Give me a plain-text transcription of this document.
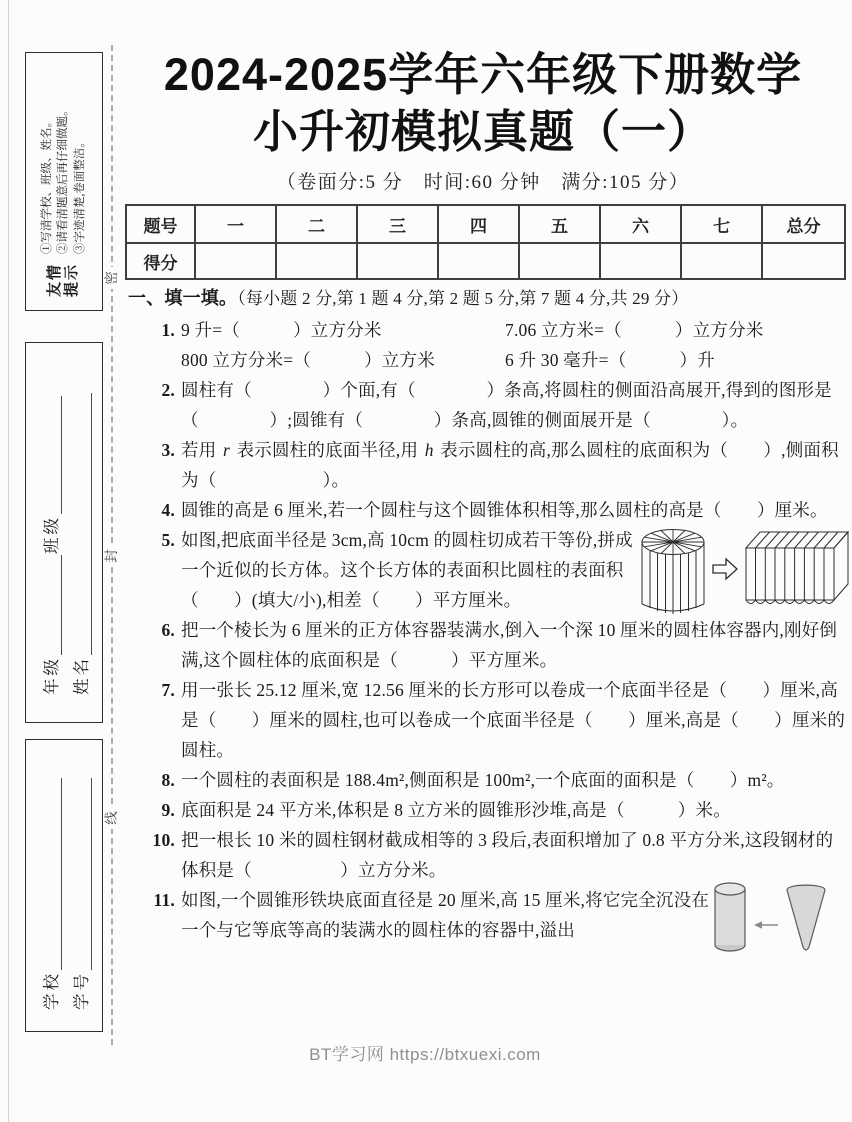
友情 提示
①写清学校、班级、姓名。 ②请看清题意后再仔细做题。 ③字迹清楚,卷面整洁。
年级
班级
姓名
学校 学号
密
封
线
2024-2025学年六年级下册数学
小升初模拟真题（一）
（卷面分:5 分　时间:60 分钟　满分:105 分）
题号	一	二	三	四	五	六	七	总分
得分								
一、填一填。（每小题 2 分,第 1 题 4 分,第 2 题 5 分,第 7 题 4 分,共 29 分）
1. 9 升=（　　　）立方分米	7.06 立方米=（　　　）立方分米
800 立方分米=（　　　）立方米	6 升 30 毫升=（　　　）升
2. 圆柱有（　　　　）个面,有（　　　　）条高,将圆柱的侧面沿高展开,得到的图形是（　　　　）;圆锥有（　　　　）条高,圆锥的侧面展开是（　　　　）。
3. 若用 r 表示圆柱的底面半径,用 h 表示圆柱的高,那么圆柱的底面积为（　　）,侧面积为（　　　　　　）。
4. 圆锥的高是 6 厘米,若一个圆柱与这个圆锥体积相等,那么圆柱的高是（　　）厘米。
5. 如图,把底面半径是 3cm,高 10cm 的圆柱切成若干等份,拼成一个近似的长方体。这个长方体的表面积比圆柱的表面积（　　）(填大/小),相差（　　）平方厘米。
6. 把一个棱长为 6 厘米的正方体容器装满水,倒入一个深 10 厘米的圆柱体容器内,刚好倒满,这个圆柱体的底面积是（　　　）平方厘米。
7. 用一张长 25.12 厘米,宽 12.56 厘米的长方形可以卷成一个底面半径是（　　）厘米,高是（　　）厘米的圆柱,也可以卷成一个底面半径是（　　）厘米,高是（　　）厘米的圆柱。
8. 一个圆柱的表面积是 188.4m²,侧面积是 100m²,一个底面的面积是（　　）m²。
9. 底面积是 24 平方米,体积是 8 立方米的圆锥形沙堆,高是（　　　）米。
10. 把一根长 10 米的圆柱钢材截成相等的 3 段后,表面积增加了 0.8 平方分米,这段钢材的体积是（　　　　　）立方分米。
11. 如图,一个圆锥形铁块底面直径是 20 厘米,高 15 厘米,将它完全沉没在一个与它等底等高的装满水的圆柱体的容器中,溢出
BT学习网 https://btxuexi.com
